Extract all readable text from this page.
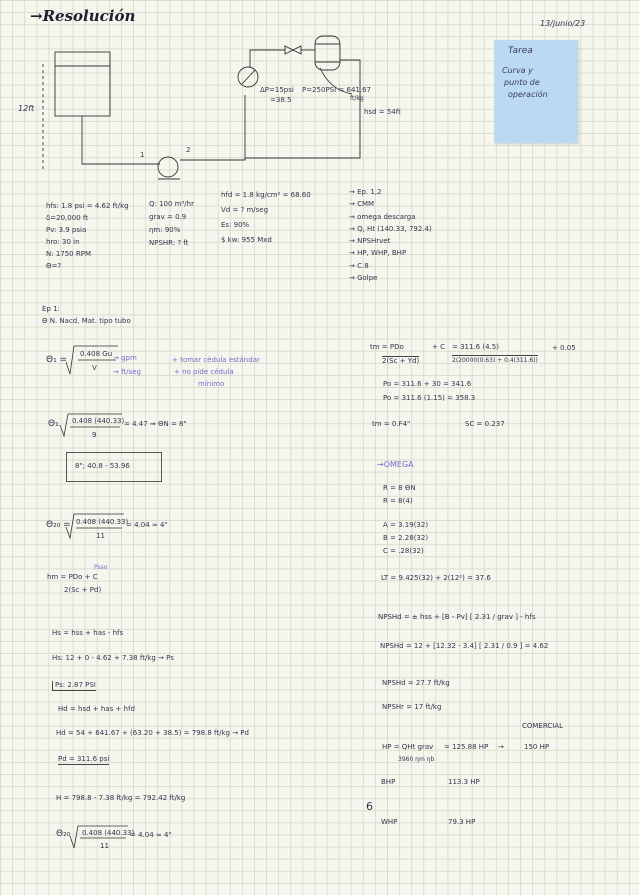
→Resolución	13/junio/23
Tarea
Curva y
punto de
operación
12ft
1
2
ΔP=15psi
=38.5
P=250PSI = 641.67
ft/kg
hsd = 54ft
hfs: 1.8 psi = 4.62 ft/kg
δ=20,000 ft
Pv: 3.9 psia
hro: 30 in
N: 1750 RPM
Θ=?
Q: 100 m³/hr
grav = 0.9
ηm: 90%
NPSHR: ? ft
hfd = 1.8 kg/cm² = 68.60
Vd = ? m/seg
Es: 90%
$ kw: 955 Mxd
→ Ep. 1,2
→ CMM
→ omega descarga
→ Q, Ht (140.33, 792.4)
→ NPSHrvet
→ HP, WHP, BHP
→ C.8
→ Golpe
Ep 1:
Θ N. Nacd, Mat. tipo tubo
Θ₁ =
0.408 Gu
V
→ gpm
→ ft/seg
+ tomar cédula estándar
+ no pide cédula
mínimo
Θ₁ 0.408 (440.33)
9
= 4.47 ⇒ ΘN = 8"
8"; 40.8 - 53.96
Θ₂₀ = 0.408 (440.33)
11
= 4.04 ≈ 4"
Psso
hm = PDo + C
2(Sc + Pd)
Hs = hss + has - hfs
Hs: 12 + 0 - 4.62 + 7.38 ft/kg → Ps
Ps: 2.87 PSI
Hd = hsd + has + hfd
Hd = 54 + 641.67 + (63.20 + 38.5) = 798.8 ft/kg → Pd
Pd = 311.6 psi
H = 798.8 - 7.38 ft/kg = 792.42 ft/kg
Θ₂₀ 0.408 (440.33)
11
= 4.04 ≈ 4"
tm = PDo	+ C = 311.6 (4.5)
2(20000(0.63) + 0.4(311.6))
2(Sc + Yd)
+ 0.05
Po = 311.6 + 30 = 341.6
Po = 311.6 (1.15) = 358.3
tm = 0.F4"	SC = 0.237
→OMEGA
R = 8 ΘN
R = 8(4)
A = 3.19(32)
B = 2.28(32)
C = .28(32)
LT = 9.425(32) + 2(12²) = 37.6
NPSHd = ± hss + [B - Pv] [ 2.31 / grav ] - hfs
NPSHd = 12 + [12.32 - 3.4] [ 2.31 / 0.9 ] = 4.62
NPSHd = 27.7 ft/kg
NPSHr = 17 ft/kg
COMERCIAL
HP = QHt grav
3960 ηm ηb
= 125.88 HP →	150 HP
BHP	113.3 HP
6
WHP	79.3 HP
